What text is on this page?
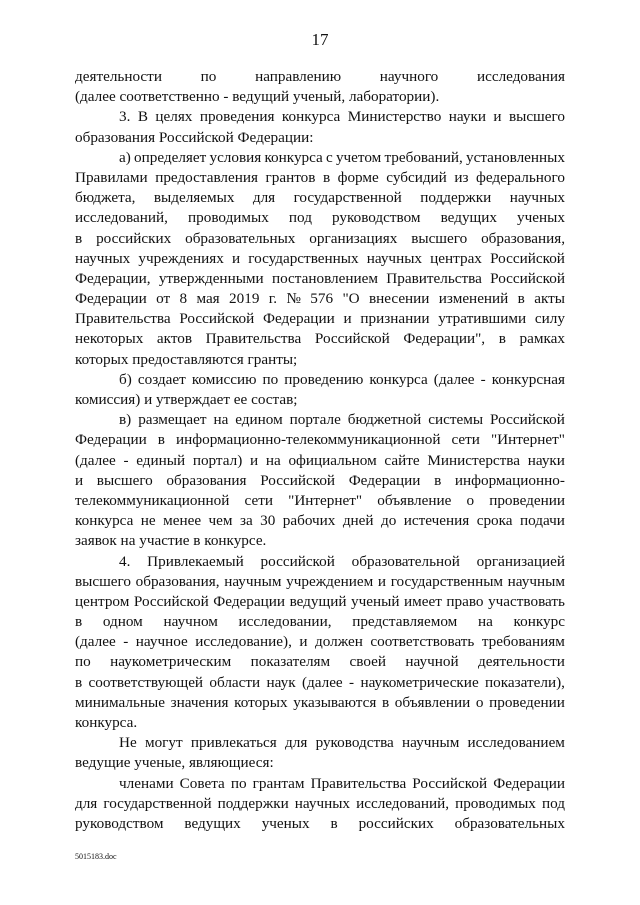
17
деятельности	по	направлению	научного	исследования
(далее соответственно - ведущий ученый, лаборатории).
3. В целях проведения конкурса Министерство науки и высшего
образования Российской Федерации:
а) определяет условия конкурса с учетом требований, установленных
Правилами предоставления грантов в форме субсидий из федерального
бюджета, выделяемых для государственной поддержки научных
исследований, проводимых под руководством ведущих ученых
в российских образовательных организациях высшего образования,
научных учреждениях и государственных научных центрах Российской
Федерации, утвержденными постановлением Правительства Российской
Федерации от 8 мая 2019 г. № 576 "О внесении изменений в акты
Правительства Российской Федерации и признании утратившими силу
некоторых актов Правительства Российской Федерации", в рамках
которых предоставляются гранты;
б) создает комиссию по проведению конкурса (далее - конкурсная
комиссия) и утверждает ее состав;
в) размещает на едином портале бюджетной системы Российской
Федерации в информационно-телекоммуникационной сети "Интернет"
(далее - единый портал) и на официальном сайте Министерства науки
и высшего образования Российской Федерации в информационно-
телекоммуникационной сети "Интернет" объявление о проведении
конкурса не менее чем за 30 рабочих дней до истечения срока подачи
заявок на участие в конкурсе.
4. Привлекаемый российской образовательной организацией
высшего образования, научным учреждением и государственным научным
центром Российской Федерации ведущий ученый имеет право участвовать
в одном научном исследовании, представляемом на конкурс
(далее - научное исследование), и должен соответствовать требованиям
по наукометрическим показателям своей научной деятельности
в соответствующей области наук (далее - наукометрические показатели),
минимальные значения которых указываются в объявлении о проведении
конкурса.
Не могут привлекаться для руководства научным исследованием
ведущие ученые, являющиеся:
членами Совета по грантам Правительства Российской Федерации
для государственной поддержки научных исследований, проводимых под
руководством ведущих ученых в российских образовательных
5015183.doc
